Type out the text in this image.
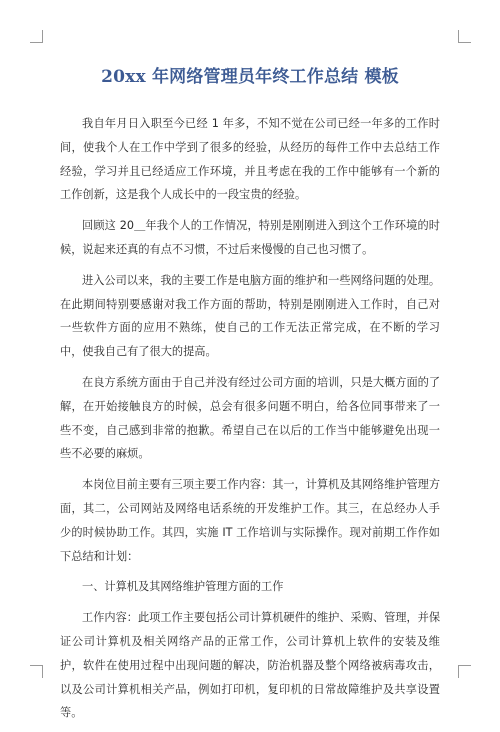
20xx 年网络管理员年终工作总结 模板

我自年月日入职至今已经 1 年多，不知不觉在公司已经一年多的工作时间，使我个人在工作中学到了很多的经验，从经历的每件工作中去总结工作经验，学习并且已经适应工作环境，并且考虑在我的工作中能够有一个新的工作创新，这是我个人成长中的一段宝贵的经验。

回顾这 20＿年我个人的工作情况，特别是刚刚进入到这个工作环境的时候，说起来还真的有点不习惯，不过后来慢慢的自己也习惯了。

进入公司以来，我的主要工作是电脑方面的维护和一些网络问题的处理。在此期间特别要感谢对我工作方面的帮助，特别是刚刚进入工作时，自己对一些软件方面的应用不熟练，使自己的工作无法正常完成，在不断的学习中，使我自己有了很大的提高。

在良方系统方面由于自己并没有经过公司方面的培训，只是大概方面的了解，在开始接触良方的时候，总会有很多问题不明白，给各位同事带来了一些不变，自己感到非常的抱歉。希望自己在以后的工作当中能够避免出现一些不必要的麻烦。

本岗位目前主要有三项主要工作内容：其一，计算机及其网络维护管理方面，其二，公司网站及网络电话系统的开发维护工作。其三，在总经办人手少的时候协助工作。其四，实施 IT 工作培训与实际操作。现对前期工作作如下总结和计划：

一、计算机及其网络维护管理方面的工作

工作内容：此项工作主要包括公司计算机硬件的维护、采购、管理，并保证公司计算机及相关网络产品的正常工作，公司计算机上软件的安装及维护，软件在使用过程中出现问题的解决，防治机器及整个网络被病毒攻击，以及公司计算机相关产品，例如打印机，复印机的日常故障维护及共享设置等。
